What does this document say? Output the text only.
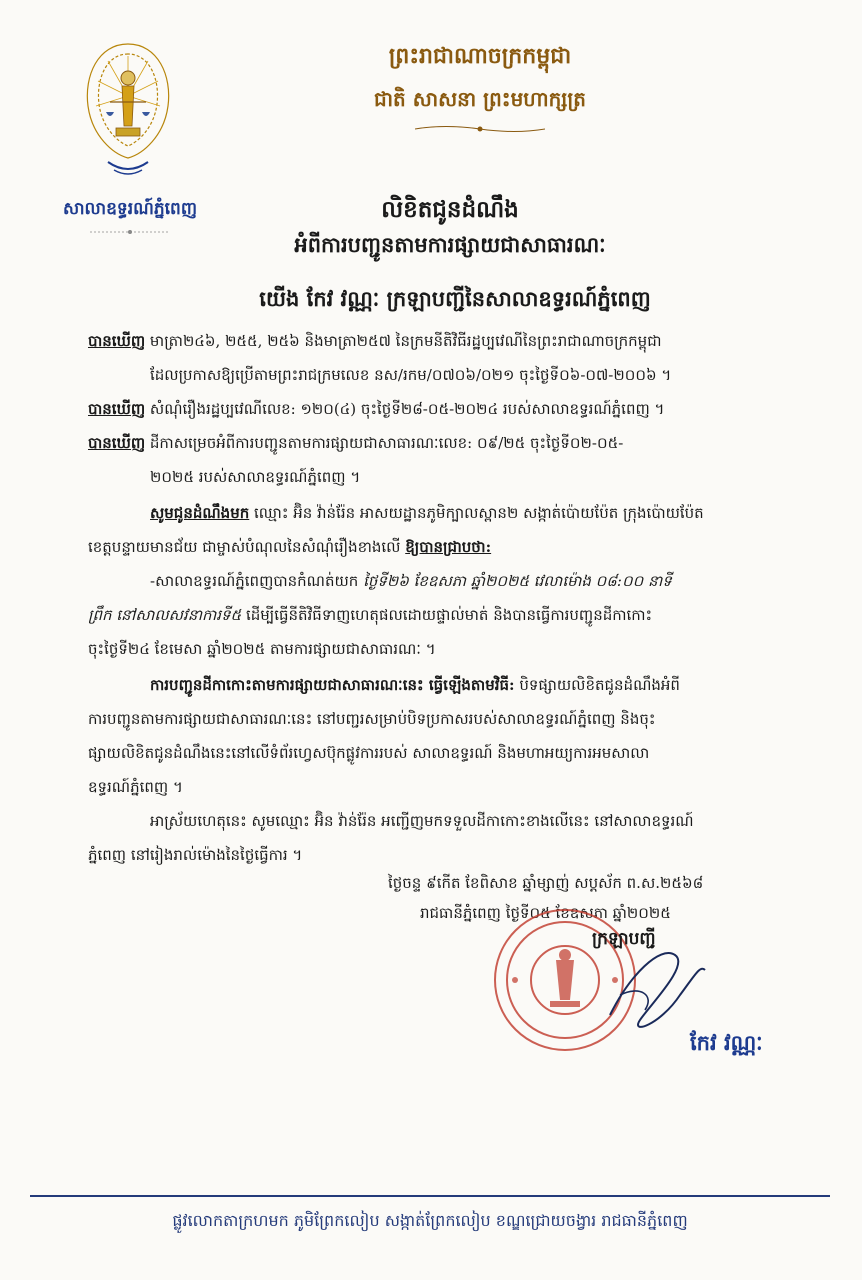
សាលាឧទ្ធរណ៍ភ្នំពេញ
ព្រះរាជាណាចក្រកម្ពុជា
ជាតិ សាសនា ព្រះមហាក្សត្រ
លិខិតជូនដំណឹង
អំពីការបញ្ជូនតាមការផ្សាយជាសាធារណៈ
យើង កែវ វណ្ណៈ ក្រឡាបញ្ជីនៃសាលាឧទ្ធរណ៍ភ្នំពេញ
បានឃើញ មាត្រា២៤៦, ២៥៥, ២៥៦ និងមាត្រា២៥៧ នៃក្រមនីតិវិធីរដ្ឋប្បវេណីនៃព្រះរាជាណាចក្រកម្ពុជា
ដែលប្រកាសឱ្យប្រើតាមព្រះរាជក្រមលេខ នស/រកម/០៧០៦/០២១ ចុះថ្ងៃទី០៦-០៧-២០០៦ ។
បានឃើញ សំណុំរឿងរដ្ឋប្បវេណីលេខ: ១២០(៤) ចុះថ្ងៃទី២៨-០៥-២០២៤ របស់សាលាឧទ្ធរណ៍ភ្នំពេញ ។
បានឃើញ ដីកាសម្រេចអំពីការបញ្ជូនតាមការផ្សាយជាសាធារណៈលេខ: ០៩/២៥ ចុះថ្ងៃទី០២-០៥-
២០២៥ របស់សាលាឧទ្ធរណ៍ភ្នំពេញ ។
សូមជូនដំណឹងមក ឈ្មោះ អ៊ិន វ៉ាន់រ៉ែន អាសយដ្ឋានភូមិក្បាលស្ពាន២ សង្កាត់ប៉ោយប៉ែត ក្រុងប៉ោយប៉ែត
ខេត្តបន្ទាយមានជ័យ ជាម្ចាស់បំណុលនៃសំណុំរឿងខាងលើ ឱ្យបានជ្រាបថា:
-សាលាឧទ្ធរណ៍ភ្នំពេញបានកំណត់យក ថ្ងៃទី២៦ ខែឧសភា ឆ្នាំ២០២៥ វេលាម៉ោង ០៨:០០ នាទី
ព្រឹក នៅសាលសវនាការទី៥ ដើម្បីធ្វើនីតិវិធីទាញហេតុផលដោយផ្ទាល់មាត់ និងបានធ្វើការបញ្ជូនដីកាកោះ
ចុះថ្ងៃទី២៤ ខែមេសា ឆ្នាំ២០២៥ តាមការផ្សាយជាសាធារណៈ ។
ការបញ្ជូនដីកាកោះតាមការផ្សាយជាសាធារណៈនេះ ធ្វើឡើងតាមវិធី: បិទផ្សាយលិខិតជូនដំណឹងអំពី
ការបញ្ជូនតាមការផ្សាយជាសាធារណៈនេះ នៅបញ្ជរសម្រាប់បិទប្រកាសរបស់សាលាឧទ្ធរណ៍ភ្នំពេញ និងចុះ
ផ្សាយលិខិតជូនដំណឹងនេះនៅលើទំព័រហ្វេសប៊ុកផ្លូវការរបស់ សាលាឧទ្ធរណ៍ និងមហាអយ្យការអមសាលា
ឧទ្ធរណ៍ភ្នំពេញ ។
អាស្រ័យហេតុនេះ សូមឈ្មោះ អ៊ិន វ៉ាន់រ៉ែន អញ្ជើញមកទទួលដីកាកោះខាងលើនេះ នៅសាលាឧទ្ធរណ៍
ភ្នំពេញ នៅរៀងរាល់ម៉ោងនៃថ្ងៃធ្វើការ ។
ថ្ងៃចន្ទ ៩កើត ខែពិសាខ ឆ្នាំម្សាញ់ សប្តស័ក ព.ស.២៥៦៨
រាជធានីភ្នំពេញ ថ្ងៃទី០៥ ខែឧសភា ឆ្នាំ២០២៥
ក្រឡាបញ្ជី
កែវ វណ្ណៈ
ផ្លូវលោកតាក្រហមក ភូមិព្រែកលៀប សង្កាត់ព្រែកលៀប ខណ្ឌជ្រោយចង្វារ រាជធានីភ្នំពេញ
